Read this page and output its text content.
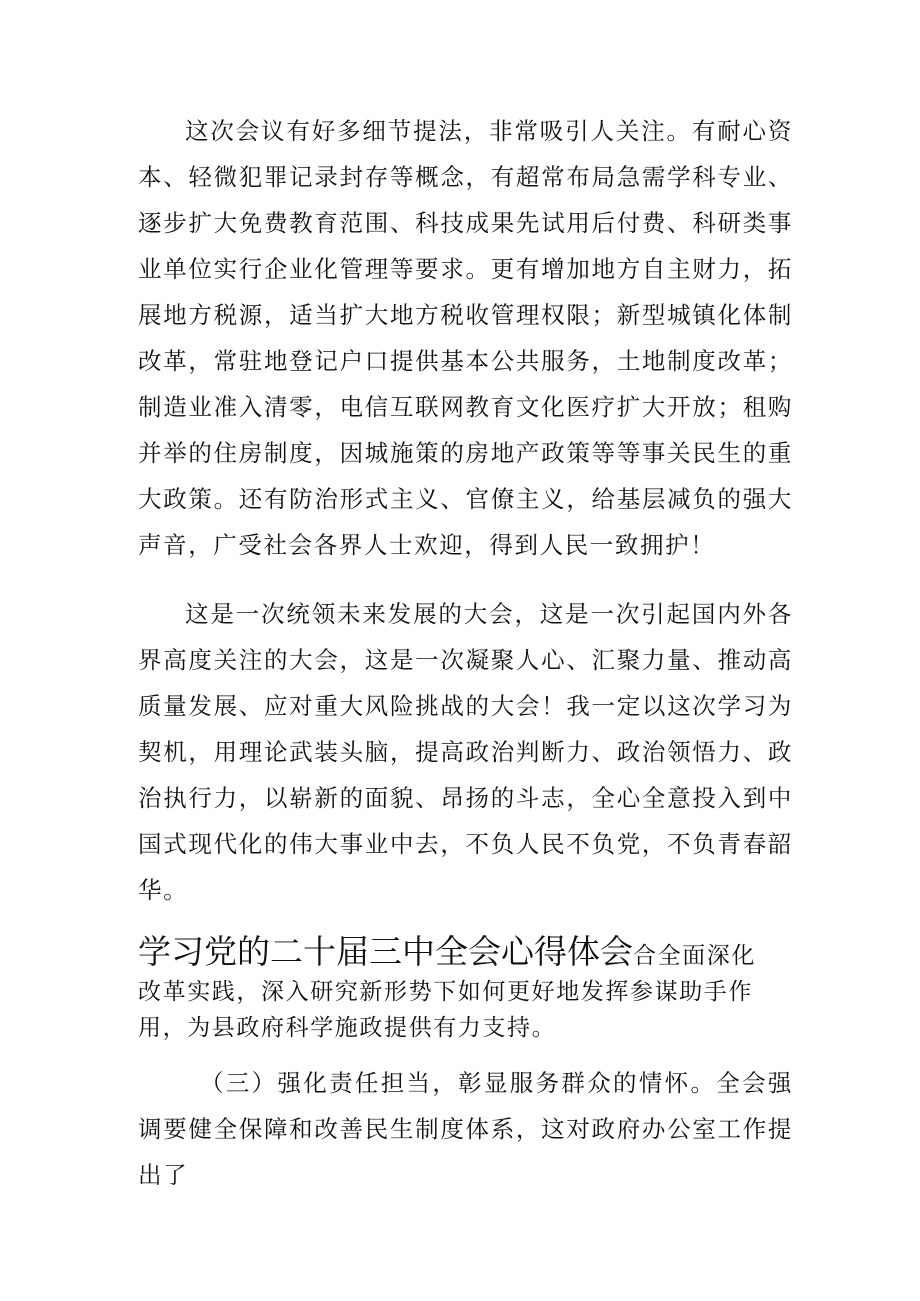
这次会议有好多细节提法，非常吸引人关注。有耐心资本、轻微犯罪记录封存等概念，有超常布局急需学科专业、逐步扩大免费教育范围、科技成果先试用后付费、科研类事业单位实行企业化管理等要求。更有增加地方自主财力，拓展地方税源，适当扩大地方税收管理权限；新型城镇化体制改革，常驻地登记户口提供基本公共服务，土地制度改革；制造业准入清零，电信互联网教育文化医疗扩大开放；租购并举的住房制度，因城施策的房地产政策等等事关民生的重大政策。还有防治形式主义、官僚主义，给基层减负的强大声音，广受社会各界人士欢迎，得到人民一致拥护！

这是一次统领未来发展的大会，这是一次引起国内外各界高度关注的大会，这是一次凝聚人心、汇聚力量、推动高质量发展、应对重大风险挑战的大会！我一定以这次学习为契机，用理论武装头脑，提高政治判断力、政治领悟力、政治执行力，以崭新的面貌、昂扬的斗志，全心全意投入到中国式现代化的伟大事业中去，不负人民不负党，不负青春韶华。

学习党的二十届三中全会心得体会合全面深化

改革实践，深入研究新形势下如何更好地发挥参谋助手作用，为县政府科学施政提供有力支持。

（三）强化责任担当，彰显服务群众的情怀。全会强调要健全保障和改善民生制度体系，这对政府办公室工作提出了
